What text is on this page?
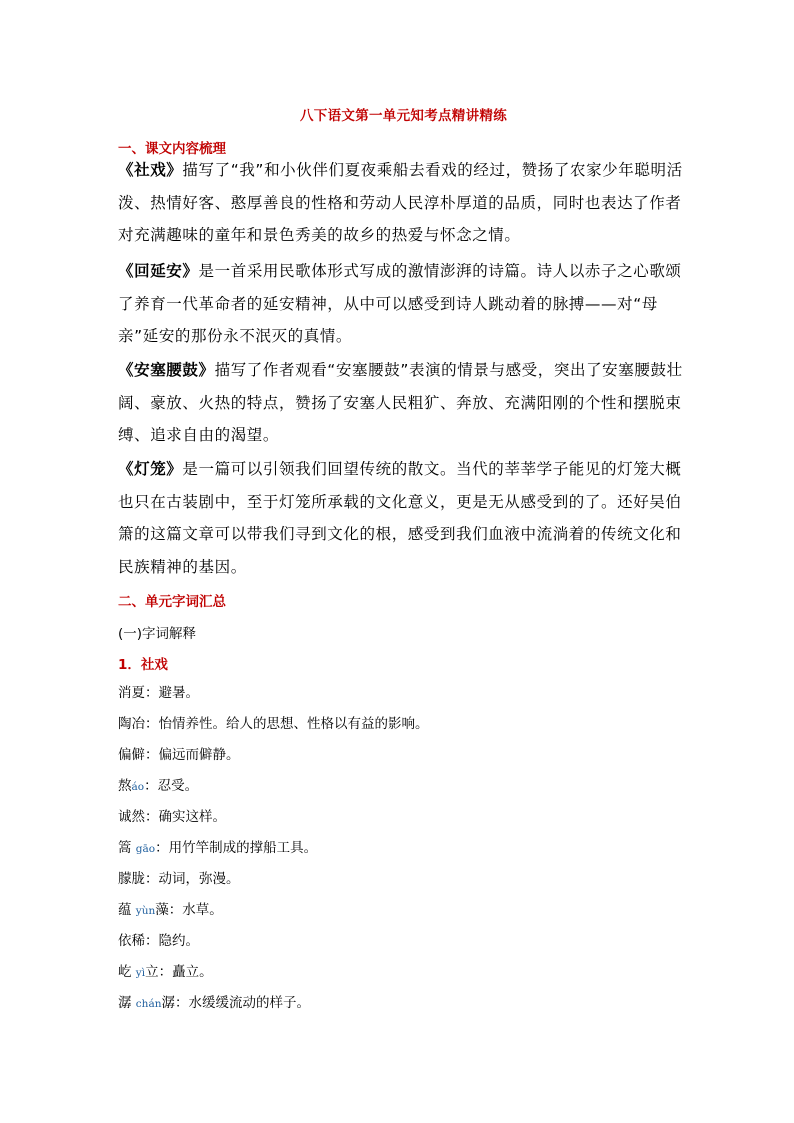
八下语文第一单元知考点精讲精练
一、课文内容梳理
《社戏》描写了“我”和小伙伴们夏夜乘船去看戏的经过，赞扬了农家少年聪明活泼、热情好客、憨厚善良的性格和劳动人民淳朴厚道的品质，同时也表达了作者对充满趣味的童年和景色秀美的故乡的热爱与怀念之情。
《回延安》是一首采用民歌体形式写成的激情澎湃的诗篇。诗人以赤子之心歌颂了养育一代革命者的延安精神，从中可以感受到诗人跳动着的脉搏——对“母亲”延安的那份永不泯灭的真情。
《安塞腰鼓》描写了作者观看“安塞腰鼓”表演的情景与感受，突出了安塞腰鼓壮阔、豪放、火热的特点，赞扬了安塞人民粗犷、奔放、充满阳刚的个性和摆脱束缚、追求自由的渴望。
《灯笼》是一篇可以引领我们回望传统的散文。当代的莘莘学子能见的灯笼大概也只在古装剧中，至于灯笼所承载的文化意义，更是无从感受到的了。还好吴伯箫的这篇文章可以带我们寻到文化的根，感受到我们血液中流淌着的传统文化和民族精神的基因。
二、单元字词汇总
(一)字词解释
1．社戏
消夏：避暑。
陶冶：怡情养性。给人的思想、性格以有益的影响。
偏僻：偏远而僻静。
熬áo：忍受。
诚然：确实这样。
篙 gāo：用竹竿制成的撑船工具。
朦胧：动词，弥漫。
蕴 yùn藻：水草。
依稀：隐约。
屹 yì立：矗立。
潺 chán潺：水缓缓流动的样子。
